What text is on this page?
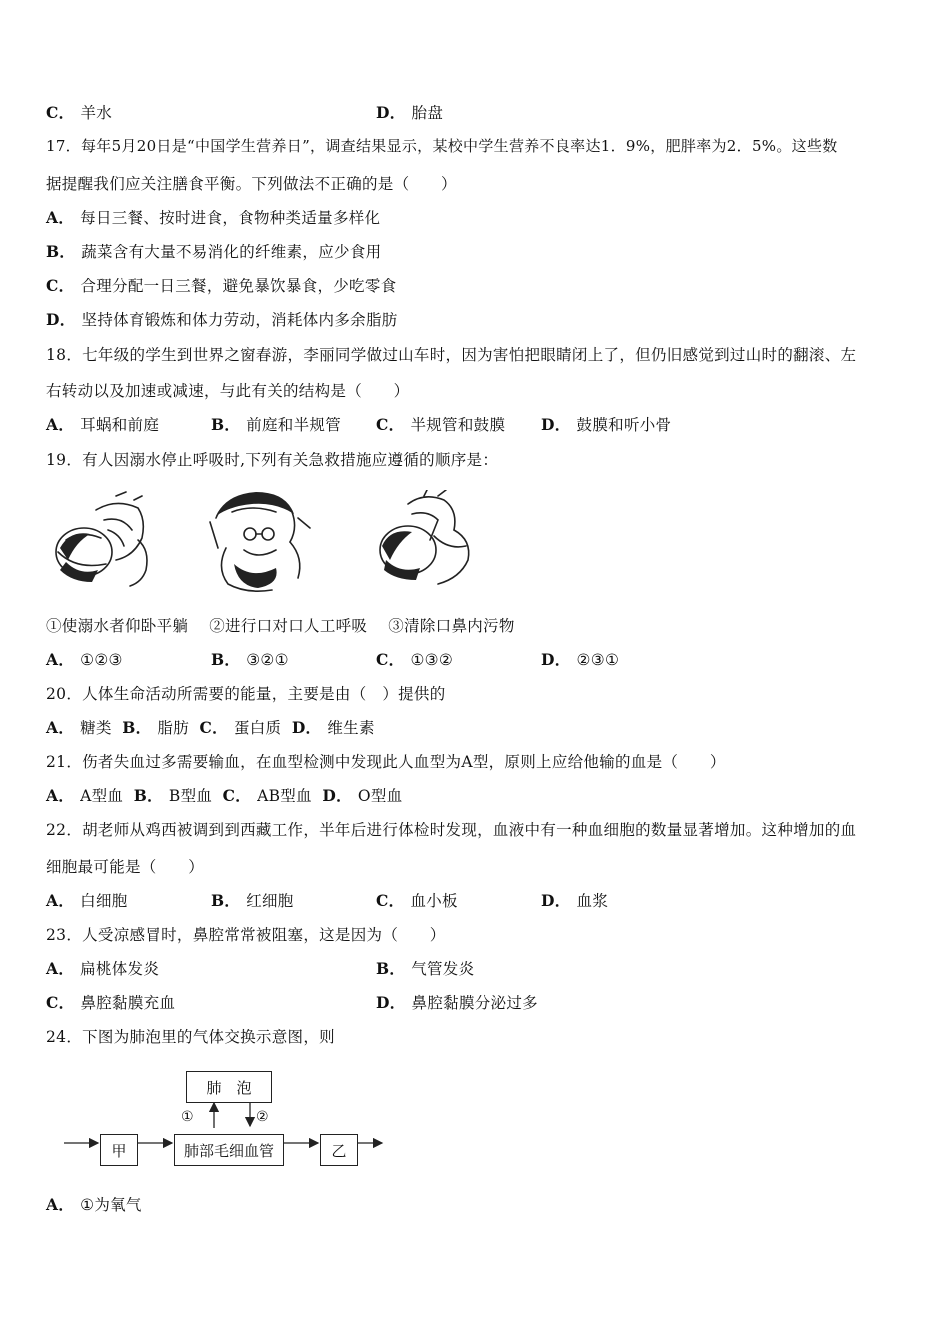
C． 羊水	D． 胎盘
17．每年5月20日是“中国学生营养日”，调查结果显示，某校中学生营养不良率达1．9%，肥胖率为2．5%。这些数
据提醒我们应关注膳食平衡。下列做法不正确的是（　　）
A． 每日三餐、按时进食，食物种类适量多样化
B． 蔬菜含有大量不易消化的纤维素，应少食用
C． 合理分配一日三餐，避免暴饮暴食，少吃零食
D． 坚持体育锻炼和体力劳动，消耗体内多余脂肪
18．七年级的学生到世界之窗春游，李丽同学做过山车时，因为害怕把眼睛闭上了，但仍旧感觉到过山时的翻滚、左
右转动以及加速或减速，与此有关的结构是（　　）
A． 耳蜗和前庭	B． 前庭和半规管 C． 半规管和鼓膜 D． 鼓膜和听小骨
19．有人因溺水停止呼吸时,下列有关急救措施应遵循的顺序是：
①使溺水者仰卧平躺　 ②进行口对口人工呼吸　 ③清除口鼻内污物
A． ①②③	B． ③②①	C． ①③②	D． ②③①
20．人体生命活动所需要的能量，主要是由（　）提供的
A． 糖类 B． 脂肪 C． 蛋白质 D． 维生素
21．伤者失血过多需要输血，在血型检测中发现此人血型为A型，原则上应给他输的血是（　　）
A． A型血 B． B型血 C． AB型血 D． O型血
22．胡老师从鸡西被调到到西藏工作，半年后进行体检时发现，血液中有一种血细胞的数量显著增加。这种增加的血
细胞最可能是（　　）
A． 白细胞	B． 红细胞	C． 血小板	D． 血浆
23．人受凉感冒时，鼻腔常常被阻塞，这是因为（　　）
A． 扁桃体发炎	B． 气管发炎
C． 鼻腔黏膜充血	D． 鼻腔黏膜分泌过多
24．下图为肺泡里的气体交换示意图，则
肺　泡
甲	肺部毛细血管	乙
①	②
A． ①为氧气
